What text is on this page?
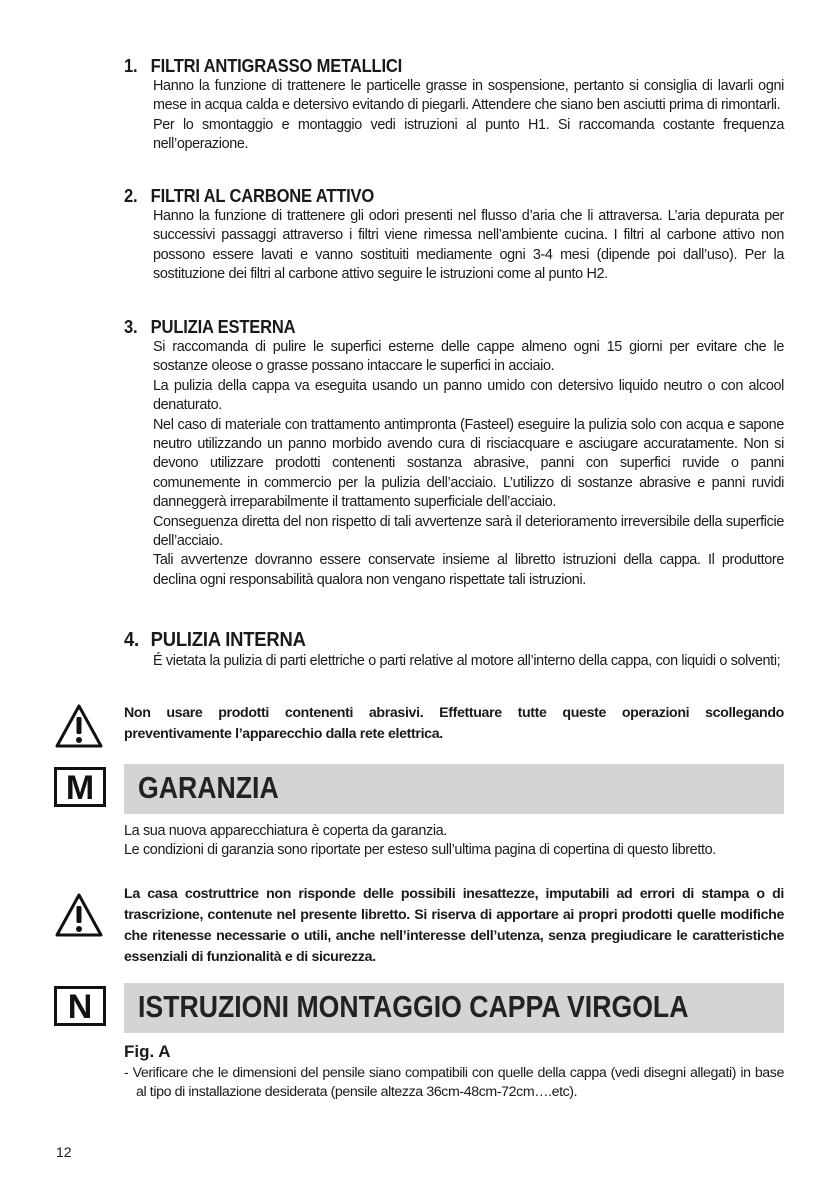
1. FILTRI ANTIGRASSO METALLICI

Hanno la funzione di trattenere le particelle grasse in sospensione, pertanto si consiglia di lavarli ogni mese in acqua calda e detersivo evitando di piegarli. Attendere che siano ben asciutti prima di rimontarli.

Per lo smontaggio e montaggio vedi istruzioni al punto H1. Si raccomanda costante frequenza nell’operazione.

2. FILTRI AL CARBONE ATTIVO

Hanno la funzione di trattenere gli odori presenti nel flusso d’aria che li attraversa. L’aria depurata per successivi passaggi attraverso i filtri viene rimessa nell’ambiente cucina. I filtri al carbone attivo non possono essere lavati e vanno sostituiti mediamente ogni 3-4 mesi (dipende poi dall’uso). Per la sostituzione dei filtri al carbone attivo seguire le istruzioni come al punto H2.

3. PULIZIA ESTERNA

Si raccomanda di pulire le superfici esterne delle cappe almeno ogni 15 giorni per evitare che le sostanze oleose o grasse possano intaccare le superfici in acciaio.

La pulizia della cappa va eseguita usando un panno umido con detersivo liquido neutro o con alcool denaturato.

Nel caso di materiale con trattamento antimpronta (Fasteel) eseguire la pulizia solo con acqua e sapone neutro utilizzando un panno morbido avendo cura di risciacquare e asciugare accuratamente. Non si devono utilizzare prodotti contenenti sostanza abrasive, panni con superfici ruvide o panni comunemente in commercio per la pulizia dell’acciaio. L’utilizzo di sostanze abrasive e panni ruvidi danneggerà irreparabilmente il trattamento superficiale dell’acciaio.

Conseguenza diretta del non rispetto di tali avvertenze sarà il deterioramento irreversibile della superficie dell’acciaio.

Tali avvertenze dovranno essere conservate insieme al libretto istruzioni della cappa. Il produttore declina ogni responsabilità qualora non vengano rispettate tali istruzioni.

4. PULIZIA INTERNA

É vietata la pulizia di parti elettriche o parti relative al motore all’interno della cappa, con liquidi o solventi;

Non usare prodotti contenenti abrasivi. Effettuare tutte queste operazioni scollegando preventivamente l’apparecchio dalla rete elettrica.

M	GARANZIA

La sua nuova apparecchiatura è coperta da garanzia.

Le condizioni di garanzia sono riportate per esteso sull’ultima pagina di copertina di questo libretto.

La casa costruttrice non risponde delle possibili inesattezze, imputabili ad errori di stampa o di trascrizione, contenute nel presente libretto. Si riserva di apportare ai propri prodotti quelle modifiche che ritenesse necessarie o utili, anche nell’interesse dell’utenza, senza pregiudicare le caratteristiche essenziali di funzionalità e di sicurezza.

N	ISTRUZIONI MONTAGGIO CAPPA VIRGOLA
Fig. A

- Verificare che le dimensioni del pensile siano compatibili con quelle della cappa (vedi disegni allegati) in base al tipo di installazione desiderata (pensile altezza 36cm-48cm-72cm….etc).

12
